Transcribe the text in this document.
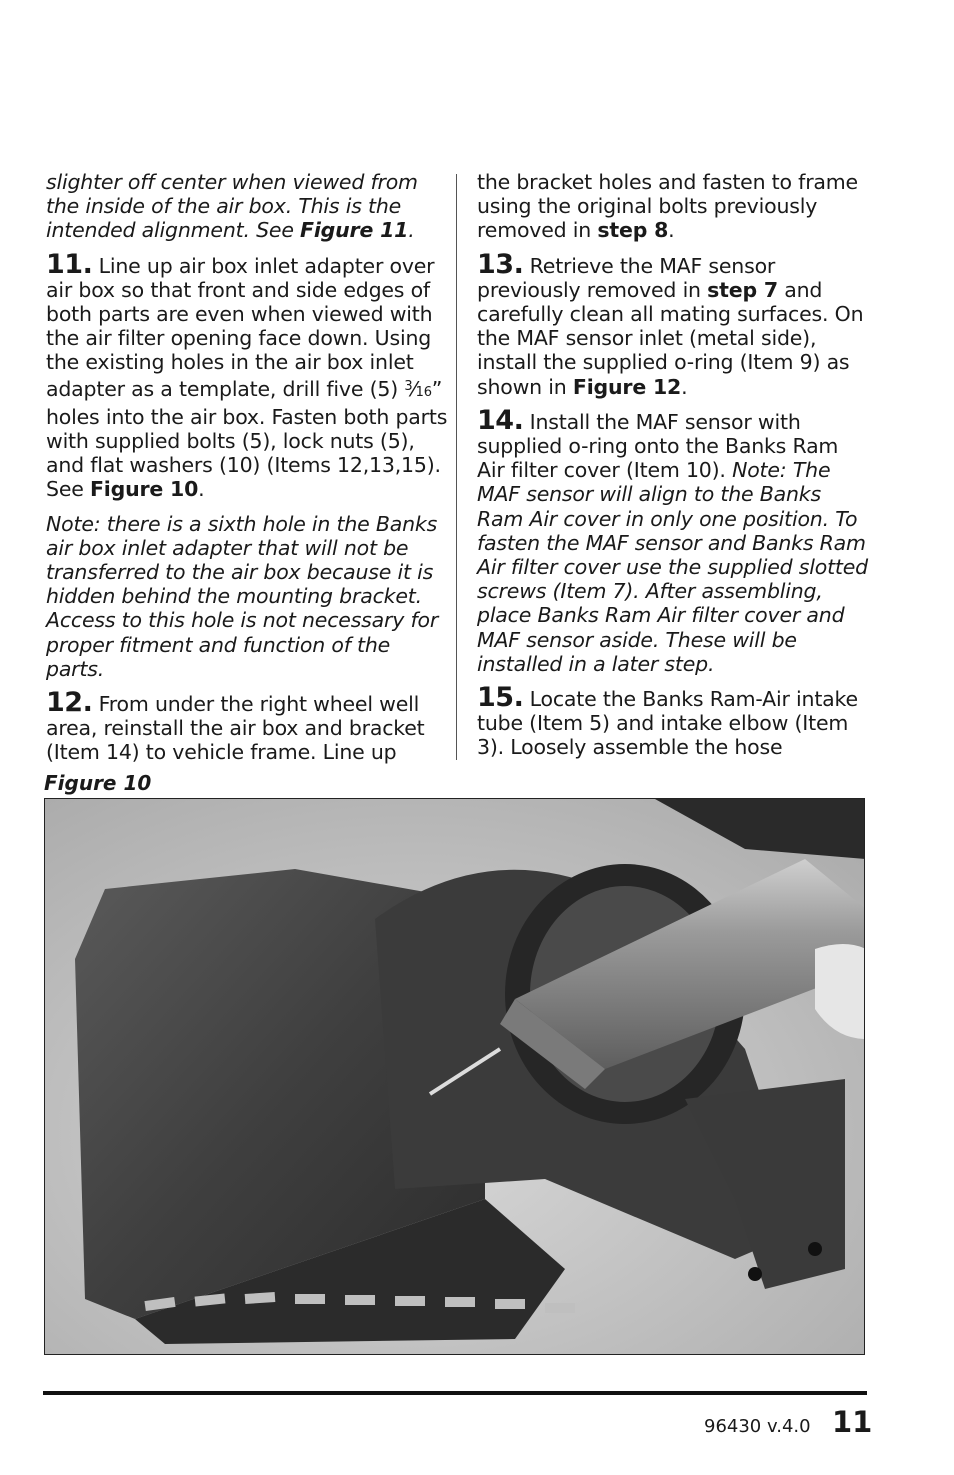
slighter off center when viewed from the inside of the air box. This is the intended alignment. See Figure 11.

11. Line up air box inlet adapter over air box so that front and side edges of both parts are even when viewed with the air filter opening face down. Using the existing holes in the air box inlet adapter as a template, drill five (5) $^3$⁄16” holes into the air box. Fasten both parts with supplied bolts (5), lock nuts (5), and flat washers (10) (Items 12,13,15). See Figure 10.

Note: there is a sixth hole in the Banks air box inlet adapter that will not be transferred to the air box because it is hidden behind the mounting bracket. Access to this hole is not necessary for proper fitment and function of the parts.

12. From under the right wheel well area, reinstall the air box and bracket (Item 14) to vehicle frame. Line up

the bracket holes and fasten to frame using the original bolts previously removed in step 8.

13. Retrieve the MAF sensor previously removed in step 7 and carefully clean all mating surfaces. On the MAF sensor inlet (metal side), install the supplied o-ring (Item 9) as shown in Figure 12.

14. Install the MAF sensor with supplied o-ring onto the Banks Ram Air filter cover (Item 10). Note: The MAF sensor will align to the Banks Ram Air cover in only one position. To fasten the MAF sensor and Banks Ram Air filter cover use the supplied slotted screws (Item 7). After assembling, place Banks Ram Air filter cover and MAF sensor aside. These will be installed in a later step.

15. Locate the Banks Ram-Air intake tube (Item 5) and intake elbow (Item 3). Loosely assemble the hose

Figure 10
96430 v.4.0 11
